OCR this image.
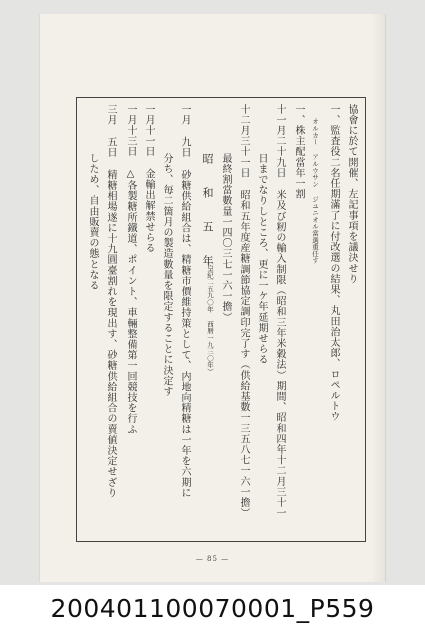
協會に於て開催、左記事項を議決せり
一、監査役二名任期滿了に付改選の結果、丸田治太郎、ロペルトウ
オルカー アルウサン ジユニオル當選重任す
一、株主配當年一割
十一月二十九日 米及び籾の輸入制限（昭和三年米穀法）期間、昭和四年十二月三十一
日までなりしところ、更に一ケ年延期せらる
十二月三十一日 昭和五年度産糖調節協定調印完了す（供給基數一三五八七一六一擔）
最終割當數量一四〇三七一六一擔）
昭 和 五 年
（皇紀二五九〇年 西暦一九三〇年）
一月 九日 砂糖供給組合は、精糖市價維持策として、内地向精糖は一年を六期に
分ち、毎二箇月の製造數量を限定することに決定す
一月十一日 金輸出解禁せらる
一月十三日 △各製糖所鐵道、ポイント、車輛整備第一回競技を行ふ
三月 五日 精糖相場遂に十九圓臺割れを現出す、砂糖供給組合の賣値決定せざり
しため、自由販賣の態となる
— 85 —
200401100070001_P559
